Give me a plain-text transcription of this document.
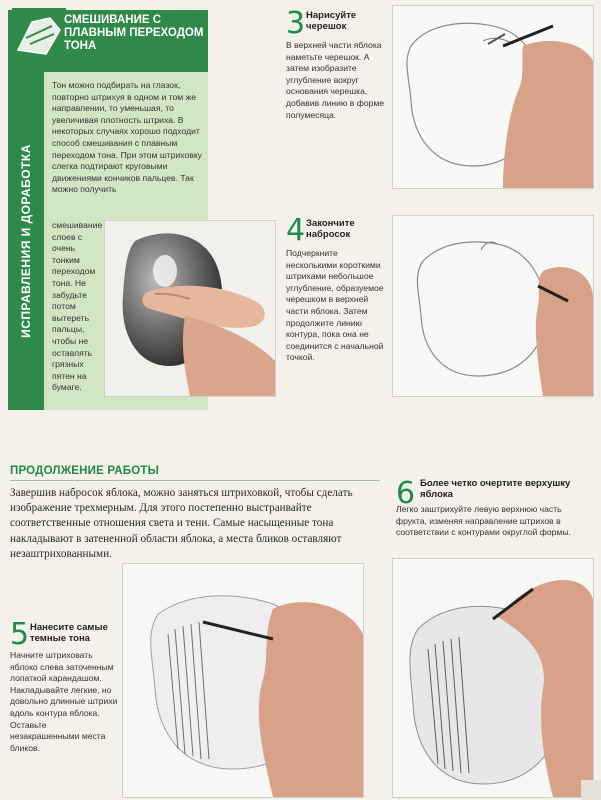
СМЕШИВАНИЕ С ПЛАВНЫМ ПЕРЕХОДОМ ТОНА
ИСПРАВЛЕНИЯ И ДОРАБОТКА
Тон можно подбирать на глазок, повторно штрихуя в одном и том же направлении, то уменьшая, то увеличивая плотность штриха. В некоторых случаях хорошо подходит способ смешивания с плавным переходом тона. При этом штриховку слегка подтирают круговыми движениями кончиков пальцев. Так можно получить
смешивание слоев с очень тонким переходом тона. Не забудьте потом вытереть пальцы, чтобы не оставлять грязных пятен на бумаге.
3 Нарисуйте черешок
В верхней части яблока наметьте черешок. А затем изобразите углубление вокруг основания черешка, добавив линию в форме полумесяца.
4 Закончите набросок
Подчеркните несколькими короткими штрихами небольшое углубление, образуемое черешком в верхней части яблока. Затем продолжите линию контура, пока она не соединится с начальной точкой.
ПРОДОЛЖЕНИЕ РАБОТЫ
Завершив набросок яблока, можно заняться штриховкой, чтобы сделать изображение трехмерным. Для этого постепенно выстраивайте соответственные отношения света и тени. Самые насыщенные тона накладывают в затененной области яблока, а места бликов оставляют незаштрихованными.
6 Более четко очертите верхушку яблока
Легко заштрихуйте левую верхнюю часть фрукта, изменяя направление штрихов в соответствии с контурами округлой формы.
5 Нанесите самые темные тона
Начните штриховать яблоко слева заточенным лопаткой карандашом. Накладывайте легкие, но довольно длинные штрихи вдоль контура яблока. Оставьте незакрашенными места бликов.
